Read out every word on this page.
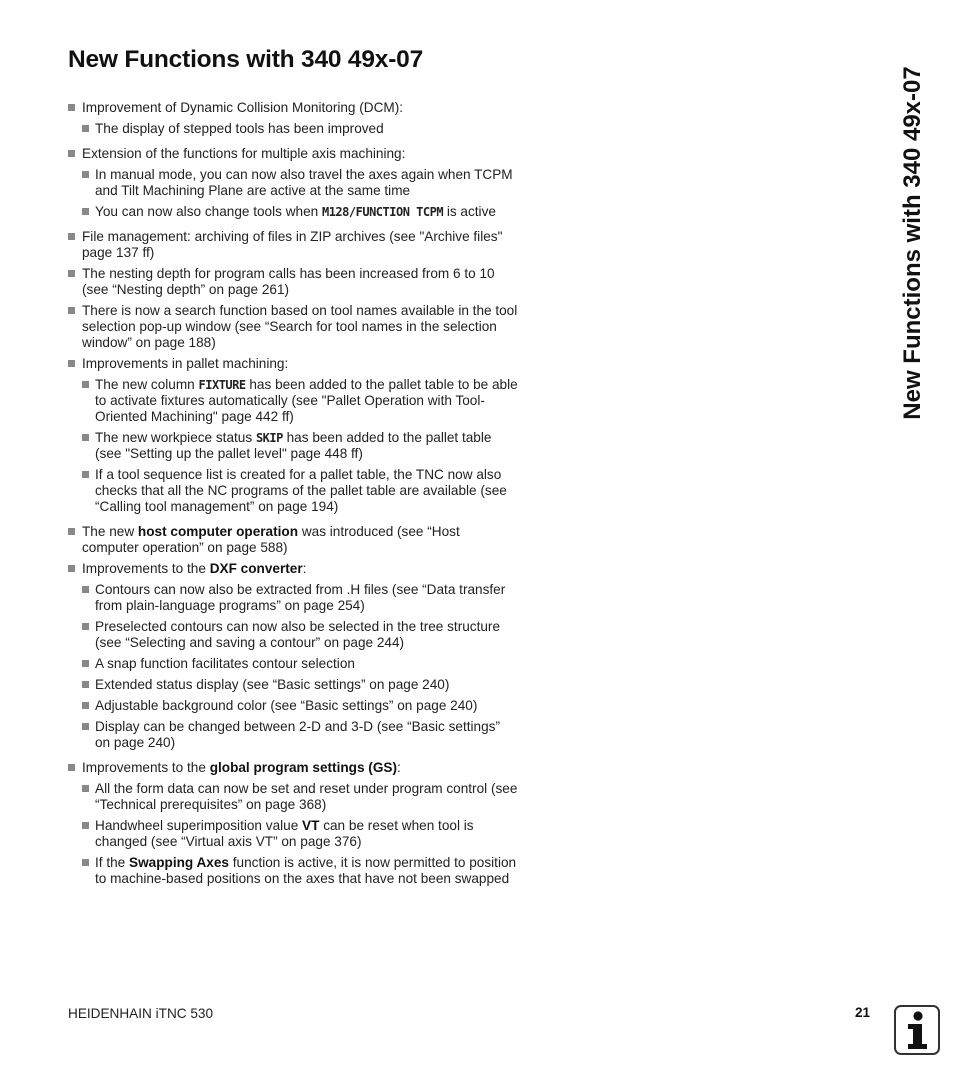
New Functions with 340 49x-07
Improvement of Dynamic Collision Monitoring (DCM):
The display of stepped tools has been improved
Extension of the functions for multiple axis machining:
In manual mode, you can now also travel the axes again when TCPM and Tilt Machining Plane are active at the same time
You can now also change tools when M128/FUNCTION TCPM is active
File management: archiving of files in ZIP archives (see "Archive files" page 137 ff)
The nesting depth for program calls has been increased from 6 to 10 (see “Nesting depth” on page 261)
There is now a search function based on tool names available in the tool selection pop-up window (see “Search for tool names in the selection window” on page 188)
Improvements in pallet machining:
The new column FIXTURE has been added to the pallet table to be able to activate fixtures automatically (see "Pallet Operation with Tool-Oriented Machining" page 442 ff)
The new workpiece status SKIP has been added to the pallet table (see "Setting up the pallet level" page 448 ff)
If a tool sequence list is created for a pallet table, the TNC now also checks that all the NC programs of the pallet table are available (see “Calling tool management” on page 194)
The new host computer operation was introduced (see “Host computer operation” on page 588)
Improvements to the DXF converter:
Contours can now also be extracted from .H files (see “Data transfer from plain-language programs” on page 254)
Preselected contours can now also be selected in the tree structure (see “Selecting and saving a contour” on page 244)
A snap function facilitates contour selection
Extended status display (see “Basic settings” on page 240)
Adjustable background color (see “Basic settings” on page 240)
Display can be changed between 2-D and 3-D (see “Basic settings” on page 240)
Improvements to the global program settings (GS):
All the form data can now be set and reset under program control (see “Technical prerequisites” on page 368)
Handwheel superimposition value VT can be reset when tool is changed (see “Virtual axis VT” on page 376)
If the Swapping Axes function is active, it is now permitted to position to machine-based positions on the axes that have not been swapped
New Functions with 340 49x-07
HEIDENHAIN iTNC 530	21
